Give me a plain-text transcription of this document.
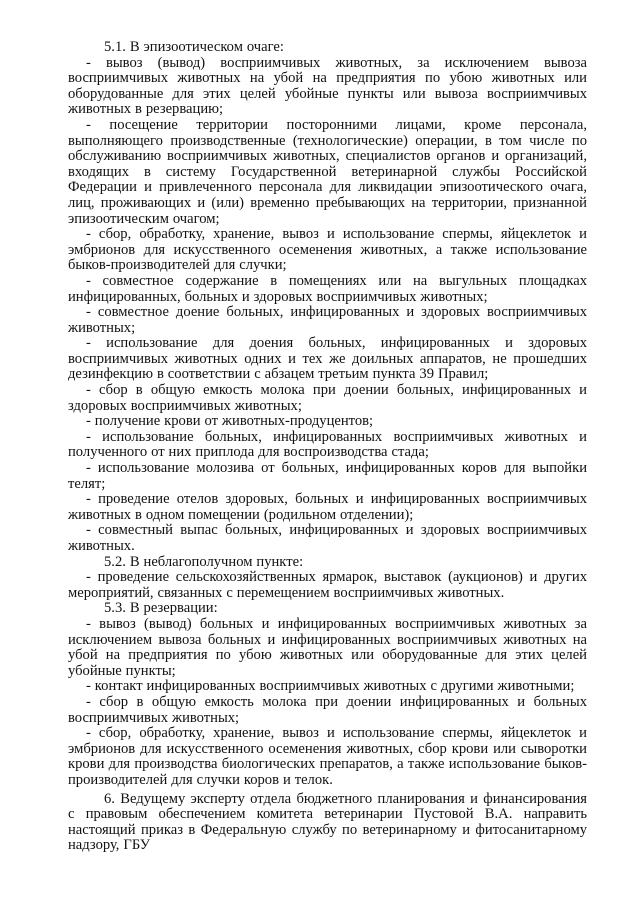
5.1. В эпизоотическом очаге:

- вывоз (вывод) восприимчивых животных, за исключением вывоза восприимчивых животных на убой на предприятия по убою животных или оборудованные для этих целей убойные пункты или вывоза восприимчивых животных в резервацию;

- посещение территории посторонними лицами, кроме персонала, выполняющего производственные (технологические) операции, в том числе по обслуживанию восприимчивых животных, специалистов органов и организаций, входящих в систему Государственной ветеринарной службы Российской Федерации и привлеченного персонала для ликвидации эпизоотического очага, лиц, проживающих и (или) временно пребывающих на территории, признанной эпизоотическим очагом;

- сбор, обработку, хранение, вывоз и использование спермы, яйцеклеток и эмбрионов для искусственного осеменения животных, а также использование быков-производителей для случки;

- совместное содержание в помещениях или на выгульных площадках инфицированных, больных и здоровых восприимчивых животных;

- совместное доение больных, инфицированных и здоровых восприимчивых животных;

- использование для доения больных, инфицированных и здоровых восприимчивых животных одних и тех же доильных аппаратов, не прошедших дезинфекцию в соответствии с абзацем третьим пункта 39 Правил;

- сбор в общую емкость молока при доении больных, инфицированных и здоровых восприимчивых животных;

- получение крови от животных-продуцентов;

- использование больных, инфицированных восприимчивых животных и полученного от них приплода для воспроизводства стада;

- использование молозива от больных, инфицированных коров для выпойки телят;

- проведение отелов здоровых, больных и инфицированных восприимчивых животных в одном помещении (родильном отделении);

- совместный выпас больных, инфицированных и здоровых восприимчивых животных.

5.2. В неблагополучном пункте:

- проведение сельскохозяйственных ярмарок, выставок (аукционов) и других мероприятий, связанных с перемещением восприимчивых животных.

5.3. В резервации:

- вывоз (вывод) больных и инфицированных восприимчивых животных за исключением вывоза больных и инфицированных восприимчивых животных на убой на предприятия по убою животных или оборудованные для этих целей убойные пункты;

- контакт инфицированных восприимчивых животных с другими животными;

- сбор в общую емкость молока при доении инфицированных и больных восприимчивых животных;

- сбор, обработку, хранение, вывоз и использование спермы, яйцеклеток и эмбрионов для искусственного осеменения животных, сбор крови или сыворотки крови для производства биологических препаратов, а также использование быков-производителей для случки коров и телок.

6. Ведущему эксперту отдела бюджетного планирования и финансирования с правовым обеспечением комитета ветеринарии Пустовой В.А. направить настоящий приказ в Федеральную службу по ветеринарному и фитосанитарному надзору, ГБУ
